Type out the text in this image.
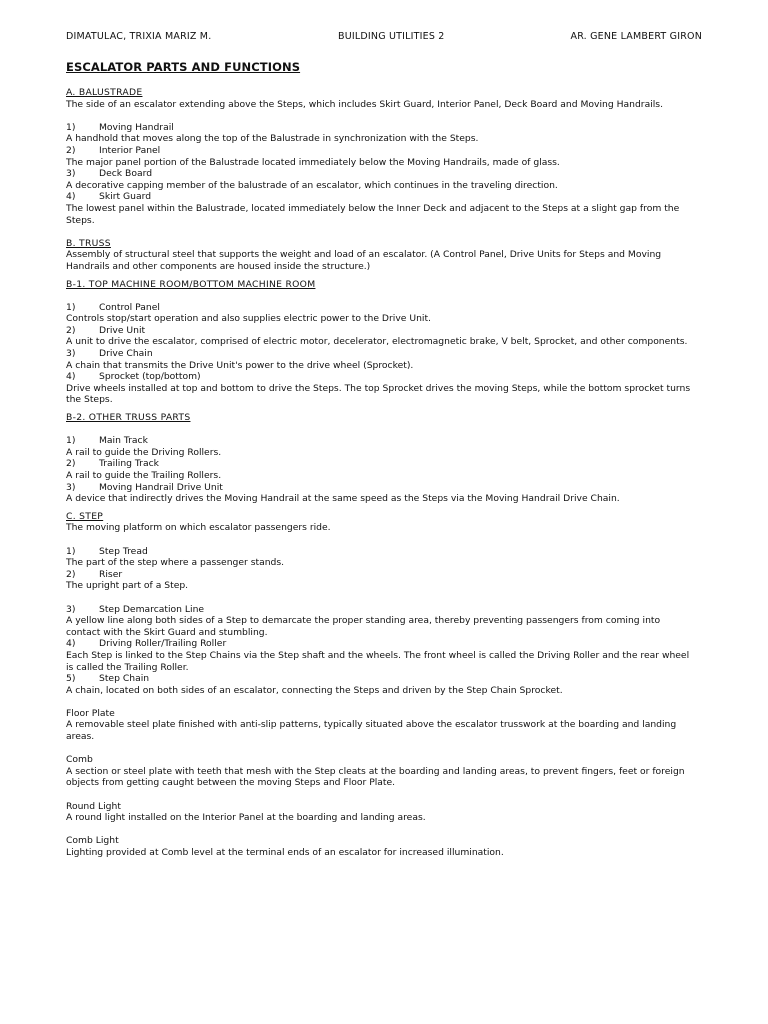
DIMATULAC, TRIXIA MARIZ M.	BUILDING UTILITIES 2	AR. GENE LAMBERT GIRON
ESCALATOR PARTS AND FUNCTIONS
A. BALUSTRADE

The side of an escalator extending above the Steps, which includes Skirt Guard, Interior Panel, Deck Board and Moving Handrails.

1)	Moving Handrail

A handhold that moves along the top of the Balustrade in synchronization with the Steps.

2)	Interior Panel

The major panel portion of the Balustrade located immediately below the Moving Handrails, made of glass.

3)	Deck Board

A decorative capping member of the balustrade of an escalator, which continues in the traveling direction.

4)	Skirt Guard

The lowest panel within the Balustrade, located immediately below the Inner Deck and adjacent to the Steps at a slight gap from the Steps.

B. TRUSS

Assembly of structural steel that supports the weight and load of an escalator. (A Control Panel, Drive Units for Steps and Moving Handrails and other components are housed inside the structure.)

B-1. TOP MACHINE ROOM/BOTTOM MACHINE ROOM
1)	Control Panel

Controls stop/start operation and also supplies electric power to the Drive Unit.

2)	Drive Unit

A unit to drive the escalator, comprised of electric motor, decelerator, electromagnetic brake, V belt, Sprocket, and other components.

3)	Drive Chain

A chain that transmits the Drive Unit's power to the drive wheel (Sprocket).

4)	Sprocket (top/bottom)

Drive wheels installed at top and bottom to drive the Steps. The top Sprocket drives the moving Steps, while the bottom sprocket turns the Steps.

B-2. OTHER TRUSS PARTS
1)	Main Track

A rail to guide the Driving Rollers.

2)	Trailing Track

A rail to guide the Trailing Rollers.

3)	Moving Handrail Drive Unit

A device that indirectly drives the Moving Handrail at the same speed as the Steps via the Moving Handrail Drive Chain.

C. STEP

The moving platform on which escalator passengers ride.

1)	Step Tread

The part of the step where a passenger stands.

2)	Riser

The upright part of a Step.

3)	Step Demarcation Line

A yellow line along both sides of a Step to demarcate the proper standing area, thereby preventing passengers from coming into contact with the Skirt Guard and stumbling.

4)	Driving Roller/Trailing Roller

Each Step is linked to the Step Chains via the Step shaft and the wheels. The front wheel is called the Driving Roller and the rear wheel is called the Trailing Roller.

5)	Step Chain

A chain, located on both sides of an escalator, connecting the Steps and driven by the Step Chain Sprocket.

Floor Plate

A removable steel plate finished with anti-slip patterns, typically situated above the escalator trusswork at the boarding and landing areas.

Comb

A section or steel plate with teeth that mesh with the Step cleats at the boarding and landing areas, to prevent fingers, feet or foreign objects from getting caught between the moving Steps and Floor Plate.

Round Light

A round light installed on the Interior Panel at the boarding and landing areas.

Comb Light

Lighting provided at Comb level at the terminal ends of an escalator for increased illumination.
